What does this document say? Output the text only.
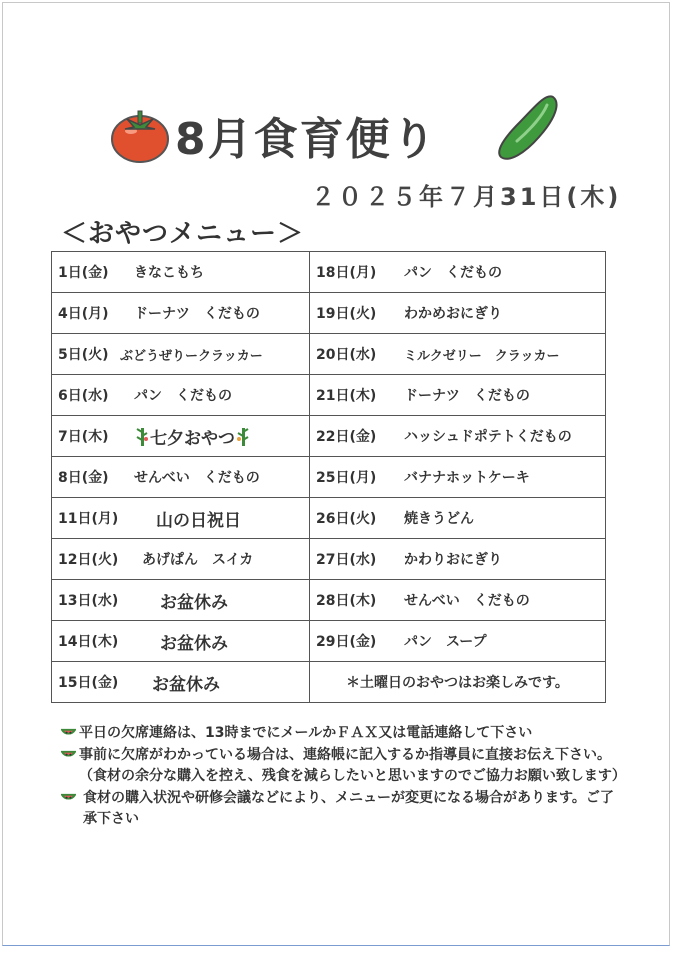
8月食育便り
２０２５年７月31日(木)
＜おやつメニュー＞
1日(金) きなこもち	18日(月) パン　くだもの

4日(月) ドーナツ　くだもの	19日(火) わかめおにぎり

5日(火) ぶどうぜりークラッカー	20日(水) ミルクゼリー　クラッカー

6日(水) パン　くだもの	21日(木) ドーナツ　くだもの

7日(木) 七夕おやつ	22日(金) ハッシュドポテトくだもの

8日(金) せんべい　くだもの	25日(月) バナナホットケーキ

11日(月) 山の日祝日	26日(火) 焼きうどん

12日(火) あげぱん　スイカ	27日(水) かわりおにぎり

13日(水) お盆休み	28日(木) せんべい　くだもの

14日(木) お盆休み	29日(金) パン　スープ

15日(金) お盆休み	＊土曜日のおやつはお楽しみです。
平日の欠席連絡は、13時までにメールかＦＡＸ又は電話連絡して下さい
事前に欠席がわかっている場合は、連絡帳に記入するか指導員に直接お伝え下さい。（食材の余分な購入を控え、残食を減らしたいと思いますのでご協力お願い致します）
食材の購入状況や研修会議などにより、メニューが変更になる場合があります。ご了承下さい
